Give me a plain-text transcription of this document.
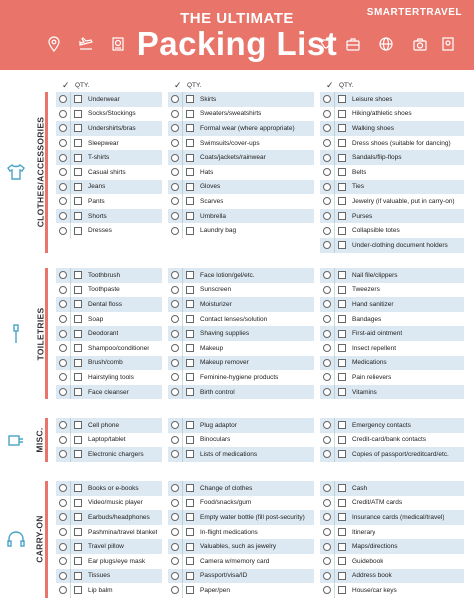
SMARTERTRAVEL
THE ULTIMATE
Packing List
✓ QTY.	✓ QTY.	✓ QTY.
CLOTHES/ACCESSORIES
Underwear
Socks/Stockings
Undershirts/bras
Sleepwear
T-shirts
Casual shirts
Jeans
Pants
Shorts
Dresses
Skirts
Sweaters/sweatshirts
Formal wear (where appropriate)
Swimsuits/cover-ups
Coats/jackets/rainwear
Hats
Gloves
Scarves
Umbrella
Laundry bag
Leisure shoes
Hiking/athletic shoes
Walking shoes
Dress shoes (suitable for dancing)
Sandals/flip-flops
Belts
Ties
Jewelry (if valuable, put in carry-on)
Purses
Collapsible totes
Under-clothing document holders
TOILETRIES
Toothbrush
Toothpaste
Dental floss
Soap
Deodorant
Shampoo/conditioner
Brush/comb
Hairstyling tools
Face cleanser
Face lotion/gel/etc.
Sunscreen
Moisturizer
Contact lenses/solution
Shaving supplies
Makeup
Makeup remover
Feminine-hygiene products
Birth control
Nail file/clippers
Tweezers
Hand sanitizer
Bandages
First-aid ointment
Insect repellent
Medications
Pain relievers
Vitamins
MISC.
Cell phone
Laptop/tablet
Electronic chargers
Plug adaptor
Binoculars
Lists of medications
Emergency contacts
Credit-card/bank contacts
Copies of passport/creditcard/etc.
CARRY-ON
Books or e-books
Video/music player
Earbuds/headphones
Pashmina/travel blanket
Travel pillow
Ear plugs/eye mask
Tissues
Lip balm
Change of clothes
Food/snacks/gum
Empty water bottle (fill post-security)
In-flight medications
Valuables, such as jewelry
Camera w/memory card
Passport/visa/ID
Paper/pen
Cash
Credit/ATM cards
Insurance cards (medical/travel)
Itinerary
Maps/directions
Guidebook
Address book
House/car keys
